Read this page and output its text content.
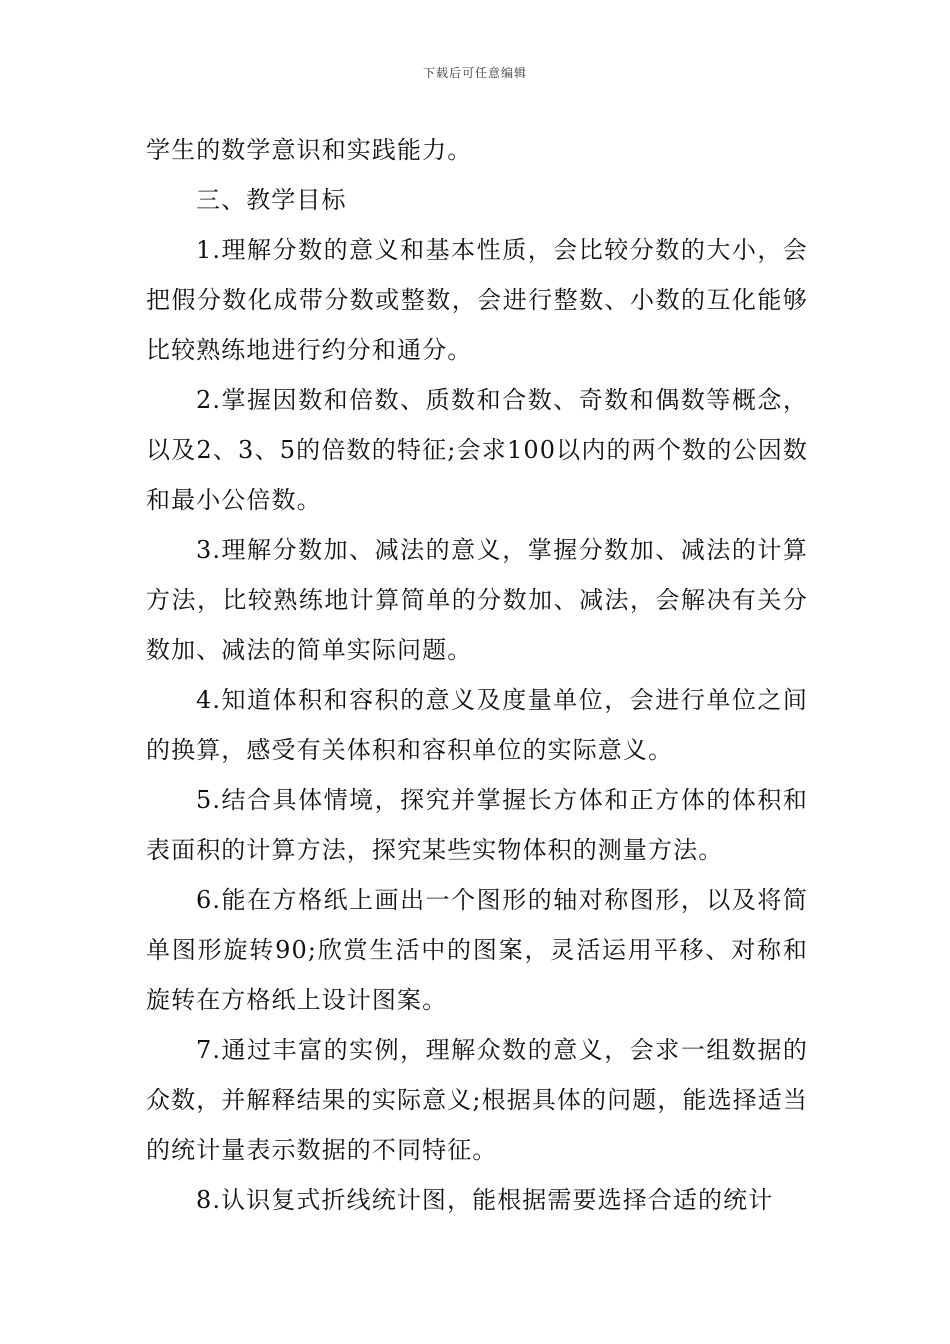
下载后可任意编辑

学生的数学意识和实践能力。

三、教学目标

1.理解分数的意义和基本性质，会比较分数的大小，会把假分数化成带分数或整数，会进行整数、小数的互化能够比较熟练地进行约分和通分。

2.掌握因数和倍数、质数和合数、奇数和偶数等概念，以及2、3、5的倍数的特征;会求100以内的两个数的公因数和最小公倍数。

3.理解分数加、减法的意义，掌握分数加、减法的计算方法，比较熟练地计算简单的分数加、减法，会解决有关分数加、减法的简单实际问题。

4.知道体积和容积的意义及度量单位，会进行单位之间的换算，感受有关体积和容积单位的实际意义。

5.结合具体情境，探究并掌握长方体和正方体的体积和表面积的计算方法，探究某些实物体积的测量方法。

6.能在方格纸上画出一个图形的轴对称图形，以及将简单图形旋转90;欣赏生活中的图案，灵活运用平移、对称和旋转在方格纸上设计图案。

7.通过丰富的实例，理解众数的意义，会求一组数据的众数，并解释结果的实际意义;根据具体的问题，能选择适当的统计量表示数据的不同特征。

8.认识复式折线统计图，能根据需要选择合适的统计
